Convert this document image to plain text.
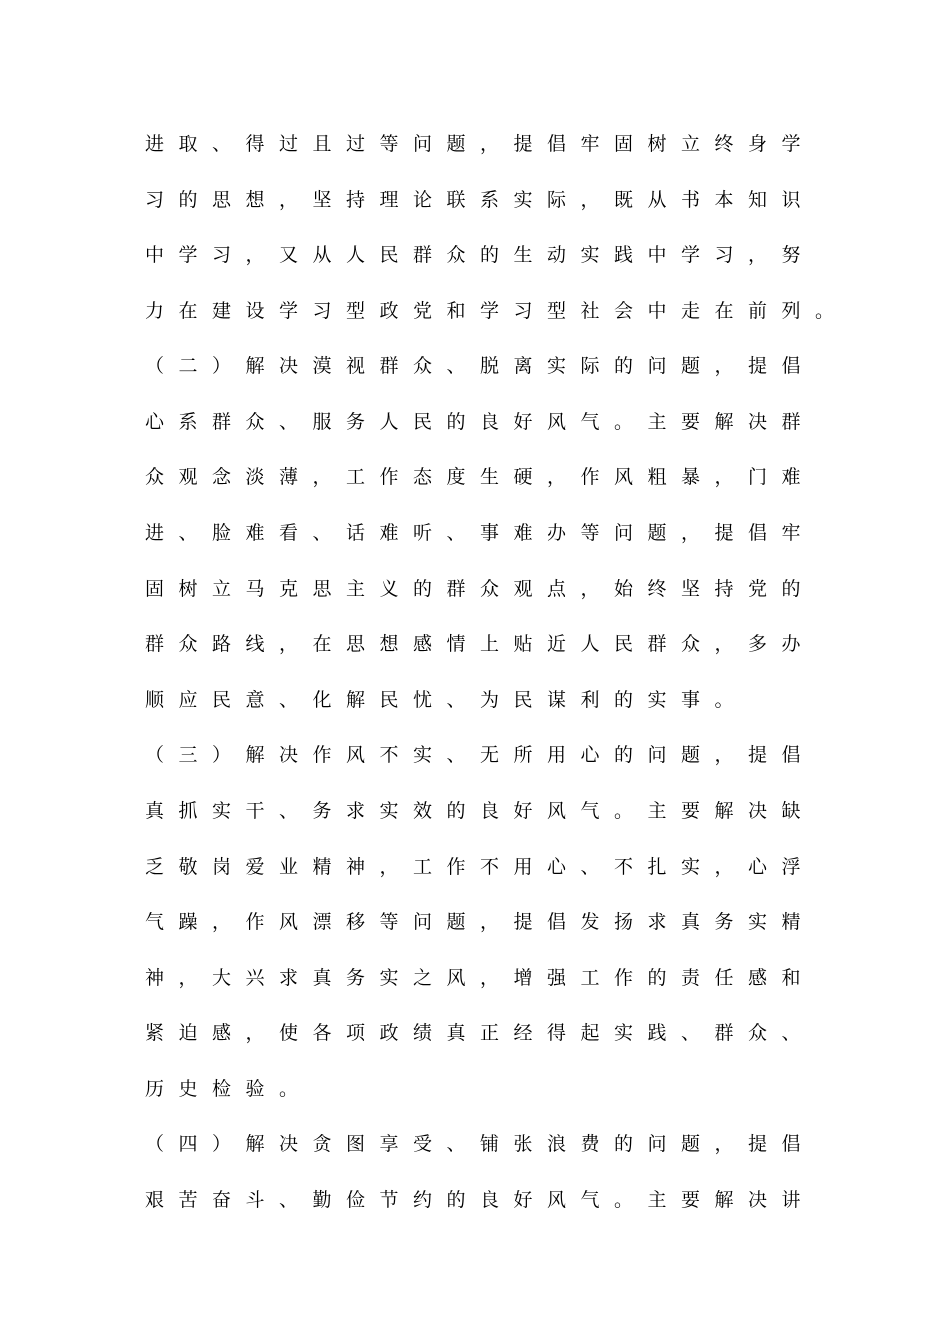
进取、得过且过等问题，提倡牢固树立终身学
习的思想，坚持理论联系实际，既从书本知识
中学习，又从人民群众的生动实践中学习，努
力在建设学习型政党和学习型社会中走在前列。
（二）解决漠视群众、脱离实际的问题，提倡
心系群众、服务人民的良好风气。主要解决群
众观念淡薄，工作态度生硬，作风粗暴，门难
进、脸难看、话难听、事难办等问题，提倡牢
固树立马克思主义的群众观点，始终坚持党的
群众路线，在思想感情上贴近人民群众，多办
顺应民意、化解民忧、为民谋利的实事。
（三）解决作风不实、无所用心的问题，提倡
真抓实干、务求实效的良好风气。主要解决缺
乏敬岗爱业精神，工作不用心、不扎实，心浮
气躁，作风漂移等问题，提倡发扬求真务实精
神，大兴求真务实之风，增强工作的责任感和
紧迫感，使各项政绩真正经得起实践、群众、
历史检验。
（四）解决贪图享受、铺张浪费的问题，提倡
艰苦奋斗、勤俭节约的良好风气。主要解决讲
